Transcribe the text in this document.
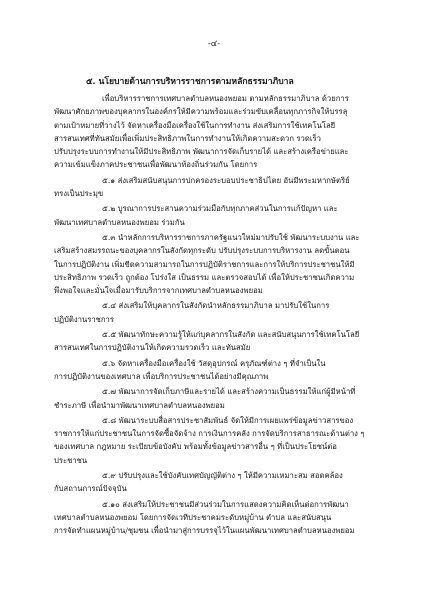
-๔-
๕. นโยบายด้านการบริหารราชการตามหลักธรรมาภิบาล
เพื่อบริหารราชการเทศบาลตำบลหนองพยอม ตามหลักธรรมาภิบาล ด้วยการ
พัฒนาศักยภาพของบุคลากรในองค์กรให้มีความพร้อมและร่วมขับเคลื่อนทุกภารกิจให้บรรลุ
ตามเป้าหมายที่วางไว้ จัดหาเครื่องมือเครื่องใช้ในการทำงาน ส่งเสริมการใช้เทคโนโลยี
สารสนเทศที่ทันสมัยเพื่อเพิ่มประสิทธิภาพในการทำงานให้เกิดความสะดวก รวดเร็ว
ปรับปรุงระบบการทำงานให้มีประสิทธิภาพ พัฒนาการจัดเก็บรายได้ และสร้างเครือข่ายและ
ความเข้มแข็งภาคประชาชนเพื่อพัฒนาท้องถิ่นร่วมกัน โดยการ
๕.๑ ส่งเสริมสนับสนุนการปกครองระบอบประชาธิปไตย อันมีพระมหากษัตริย์
ทรงเป็นประมุข
๕.๒ บูรณาการประสานความร่วมมือกับทุกภาคส่วนในการแก้ปัญหา และ
พัฒนาเทศบาลตำบลหนองพยอม ร่วมกัน
๕.๓ นำหลักการบริหารราชการภาครัฐแนวใหม่มาปรับใช้ พัฒนาระบบงาน และ
เสริมสร้างสมรรถนะของบุคลากรในสังกัดทุกระดับ ปรับปรุงระบบการบริหารงาน ลดขั้นตอน
ในการปฏิบัติงาน เพิ่มขีดความสามารถในการปฏิบัติราชการและการให้บริการประชาชนให้มี
ประสิทธิภาพ รวดเร็ว ถูกต้อง โปร่งใส เป็นธรรม และตรวจสอบได้ เพื่อให้ประชาชนเกิดความ
พึงพอใจและมั่นใจเมื่อมารับบริการจากเทศบาลตำบลหนองพยอม
๕.๔ ส่งเสริมให้บุคลากรในสังกัดนำหลักธรรมาภิบาล มาปรับใช้ในการ
ปฏิบัติงานราชการ
๕.๕ พัฒนาทักษะความรู้ให้แก่บุคลากรในสังกัด และสนับสนุนการใช้เทคโนโลยี
สารสนเทศในการปฏิบัติงานให้เกิดความรวดเร็ว และทันสมัย
๕.๖ จัดหาเครื่องมือเครื่องใช้ วัสดุอุปกรณ์ ครุภัณฑ์ต่าง ๆ ที่จำเป็นใน
การปฏิบัติงานของเทศบาล เพื่อบริการประชาชนได้อย่างมีคุณภาพ
๕.๗ พัฒนาการจัดเก็บภาษีและรายได้ และสร้างความเป็นธรรมให้แก่ผู้มีหน้าที่
ชำระภาษี เพื่อนำมาพัฒนาเทศบาลตำบลหนองพยอม
๕.๘ พัฒนาระบบสื่อสารประชาสัมพันธ์ จัดให้มีการเผยแพร่ข้อมูลข่าวสารของ
ราชการให้แก่ประชาชนในการจัดซื้อจัดจ้าง การเงินการคลัง การจัดบริการสาธารณะด้านต่าง ๆ
ของเทศบาล กฎหมาย ระเบียบข้อบังคับ พร้อมทั้งข้อมูลข่าวสารอื่น ๆ ที่เป็นประโยชน์ต่อ
ประชาชน
๕.๙ ปรับปรุงและใช้บังคับเทศบัญญัติต่าง ๆ ให้มีความเหมาะสม สอดคล้อง
กับสถานการณ์ปัจจุบัน
๕.๑๐ ส่งเสริมให้ประชาชนมีส่วนร่วมในการแสดงความคิดเห็นต่อการพัฒนา
เทศบาลตำบลหนองพยอม โดยการจัดเวทีประชาคมระดับหมู่บ้าน ตำบล และสนับสนุน
การจัดทำแผนหมู่บ้าน/ชุมชน เพื่อนำมาสู่การบรรจุไว้ในแผนพัฒนาเทศบาลตำบลหนองพยอม
